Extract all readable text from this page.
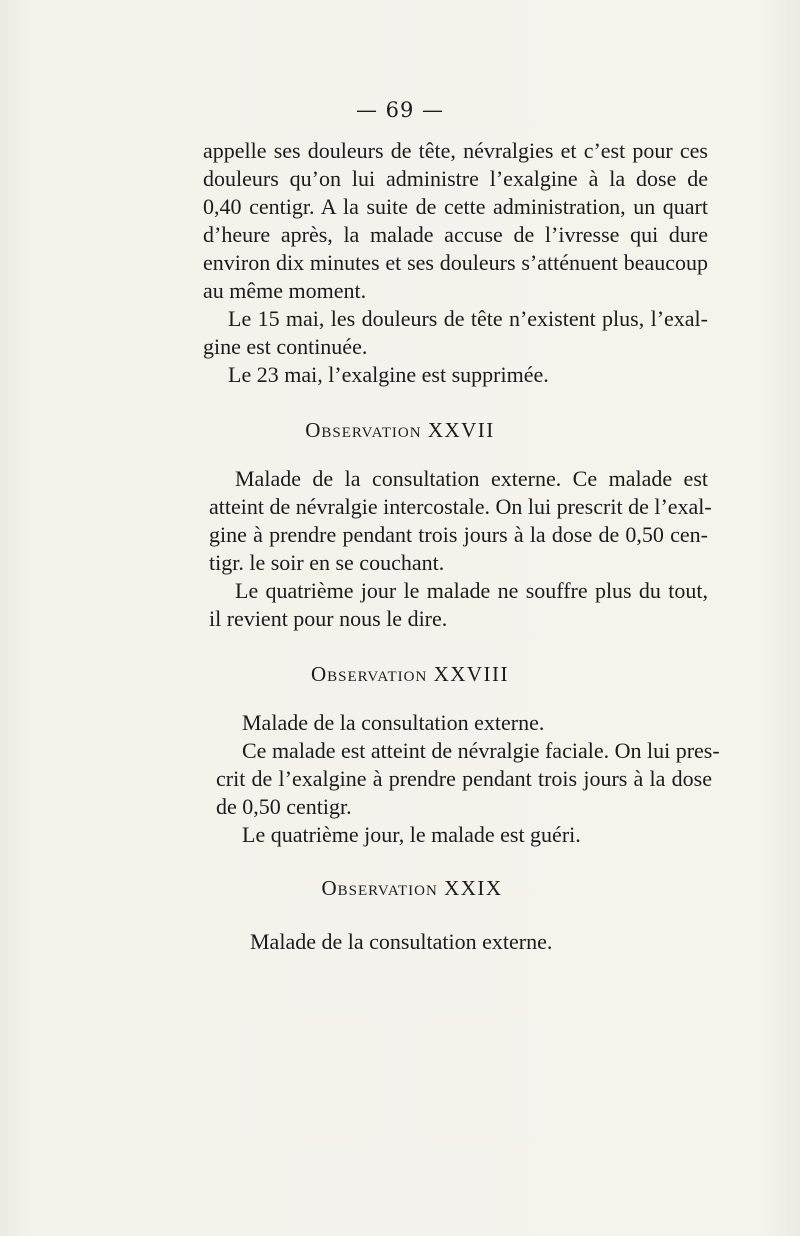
— 69 —
appelle ses douleurs de tête, névralgies et c’est pour ces
douleurs qu’on lui administre l’exalgine à la dose de
0,40 centigr. A la suite de cette administration, un quart
d’heure après, la malade accuse de l’ivresse qui dure
environ dix minutes et ses douleurs s’atténuent beaucoup
au même moment.
Le 15 mai, les douleurs de tête n’existent plus, l’exal-
gine est continuée.
Le 23 mai, l’exalgine est supprimée.
Observation XXVII
Malade de la consultation externe. Ce malade est
atteint de névralgie intercostale. On lui prescrit de l’exal-
gine à prendre pendant trois jours à la dose de 0,50 cen-
tigr. le soir en se couchant.
Le quatrième jour le malade ne souffre plus du tout,
il revient pour nous le dire.
Observation XXVIII
Malade de la consultation externe.
Ce malade est atteint de névralgie faciale. On lui pres-
crit de l’exalgine à prendre pendant trois jours à la dose
de 0,50 centigr.
Le quatrième jour, le malade est guéri.
Observation XXIX
Malade de la consultation externe.
